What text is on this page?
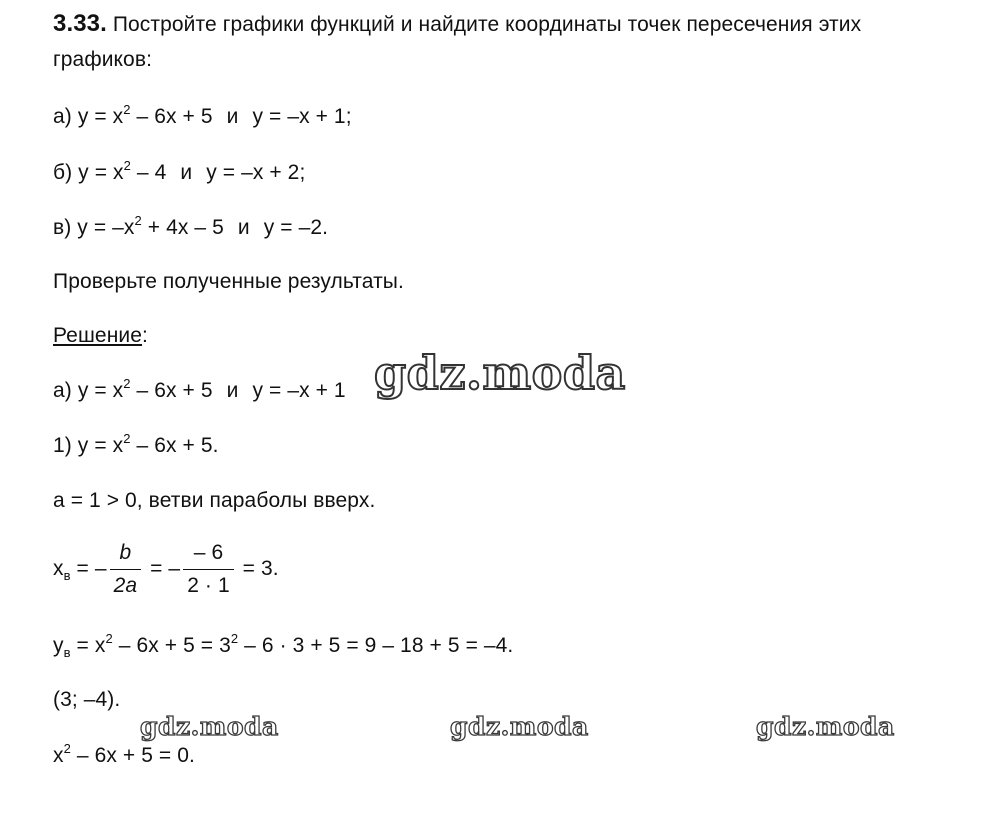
3.33. Постройте графики функций и найдите координаты точек пересечения этих
графиков:
а) $y = x^2 - 6x + 5$ и y = –x + 1;
б) $y = x^2 - 4$ и y = –x + 2;
в) $y = -x^2 + 4x - 5$ и y = –2.
Проверьте полученные результаты.
Решение:
а) $y = x^2 - 6x + 5$ и y = –x + 1
1) $y = x^2 - 6x + 5$.
a = 1 > 0, ветви параболы вверх.
$x_в$ = – $\frac{b}{2a}$ = – $\frac{- 6}{2 \cdot 1} = 3$.
$y_в = x^2 - 6x + 5 = 3^2 - 6 \cdot 3 + 5 = 9 - 18 + 5 = -4$.
(3; –4).
$x^2 - 6x + 5 = 0$.
gdz.moda
gdz.moda	gdz.moda	gdz.moda
